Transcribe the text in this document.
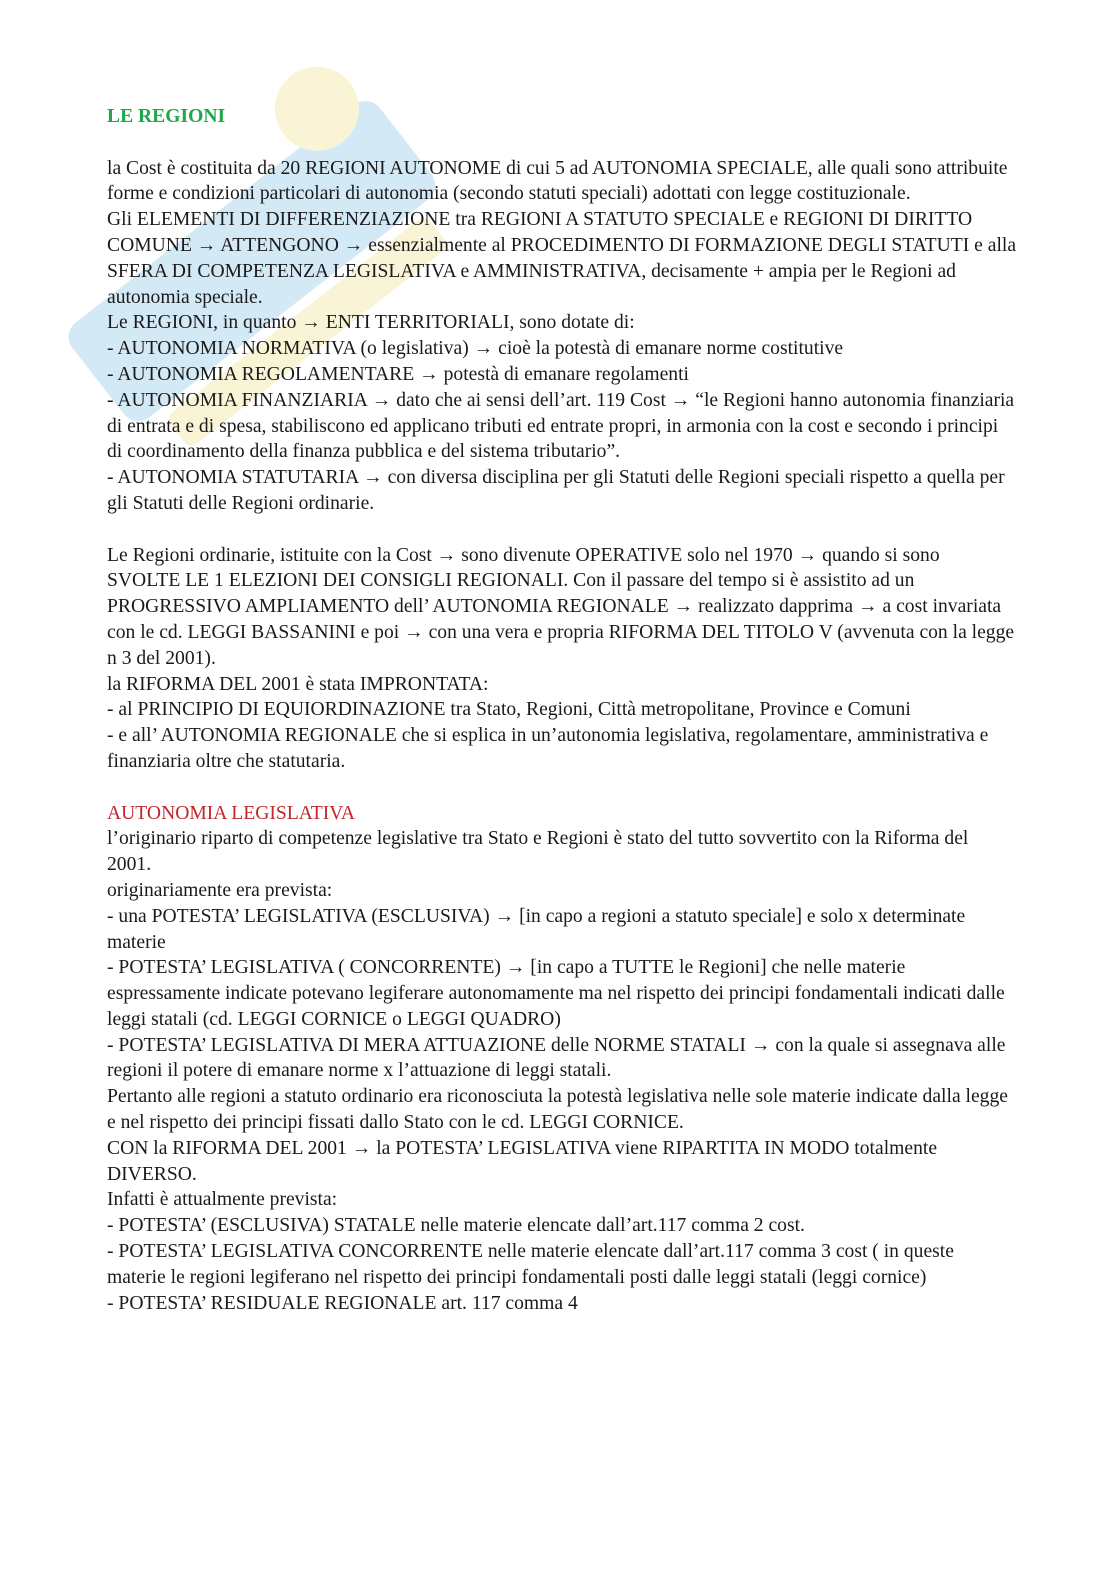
LE REGIONI

la Cost è costituita da 20 REGIONI AUTONOME di cui 5 ad AUTONOMIA SPECIALE, alle quali sono attribuite forme e condizioni particolari di autonomia (secondo statuti speciali) adottati con legge costituzionale.

Gli ELEMENTI DI DIFFERENZIAZIONE tra REGIONI A STATUTO SPECIALE e REGIONI DI DIRITTO COMUNE → ATTENGONO → essenzialmente al PROCEDIMENTO DI FORMAZIONE DEGLI STATUTI e alla SFERA DI COMPETENZA LEGISLATIVA e AMMINISTRATIVA, decisamente + ampia per le Regioni ad autonomia speciale.

Le REGIONI, in quanto → ENTI TERRITORIALI, sono dotate di:

- AUTONOMIA NORMATIVA (o legislativa) → cioè la potestà di emanare norme costitutive

- AUTONOMIA REGOLAMENTARE → potestà di emanare regolamenti

- AUTONOMIA FINANZIARIA → dato che ai sensi dell’art. 119 Cost → “le Regioni hanno autonomia finanziaria di entrata e di spesa, stabiliscono ed applicano tributi ed entrate propri, in armonia con la cost e secondo i principi di coordinamento della finanza pubblica e del sistema tributario”.

- AUTONOMIA STATUTARIA → con diversa disciplina per gli Statuti delle Regioni speciali rispetto a quella per gli Statuti delle Regioni ordinarie.

Le Regioni ordinarie, istituite con la Cost → sono divenute OPERATIVE solo nel 1970 → quando si sono SVOLTE LE 1 ELEZIONI DEI CONSIGLI REGIONALI. Con il passare del tempo si è assistito ad un PROGRESSIVO AMPLIAMENTO dell’ AUTONOMIA REGIONALE → realizzato dapprima → a cost invariata con le cd. LEGGI BASSANINI e poi → con una vera e propria RIFORMA DEL TITOLO V (avvenuta con la legge n 3 del 2001).

la RIFORMA DEL 2001 è stata IMPRONTATA:

- al PRINCIPIO DI EQUIORDINAZIONE tra Stato, Regioni, Città metropolitane, Province e Comuni

- e all’ AUTONOMIA REGIONALE che si esplica in un’autonomia legislativa, regolamentare, amministrativa e finanziaria oltre che statutaria.

AUTONOMIA LEGISLATIVA

l’originario riparto di competenze legislative tra Stato e Regioni è stato del tutto sovvertito con la Riforma del 2001.

originariamente era prevista:

- una POTESTA’ LEGISLATIVA (ESCLUSIVA) → [in capo a regioni a statuto speciale] e solo x determinate materie

- POTESTA’ LEGISLATIVA ( CONCORRENTE) → [in capo a TUTTE le Regioni] che nelle materie espressamente indicate potevano legiferare autonomamente ma nel rispetto dei principi fondamentali indicati dalle leggi statali (cd. LEGGI CORNICE o LEGGI QUADRO)

- POTESTA’ LEGISLATIVA DI MERA ATTUAZIONE delle NORME STATALI → con la quale si assegnava alle regioni il potere di emanare norme x l’attuazione di leggi statali.

Pertanto alle regioni a statuto ordinario era riconosciuta la potestà legislativa nelle sole materie indicate dalla legge e nel rispetto dei principi fissati dallo Stato con le cd. LEGGI CORNICE.

CON la RIFORMA DEL 2001 → la POTESTA’ LEGISLATIVA viene RIPARTITA IN MODO totalmente DIVERSO.

Infatti è attualmente prevista:

- POTESTA’ (ESCLUSIVA) STATALE nelle materie elencate dall’art.117 comma 2 cost.

- POTESTA’ LEGISLATIVA CONCORRENTE nelle materie elencate dall’art.117 comma 3 cost ( in queste materie le regioni legiferano nel rispetto dei principi fondamentali posti dalle leggi statali (leggi cornice)

- POTESTA’ RESIDUALE REGIONALE art. 117 comma 4
